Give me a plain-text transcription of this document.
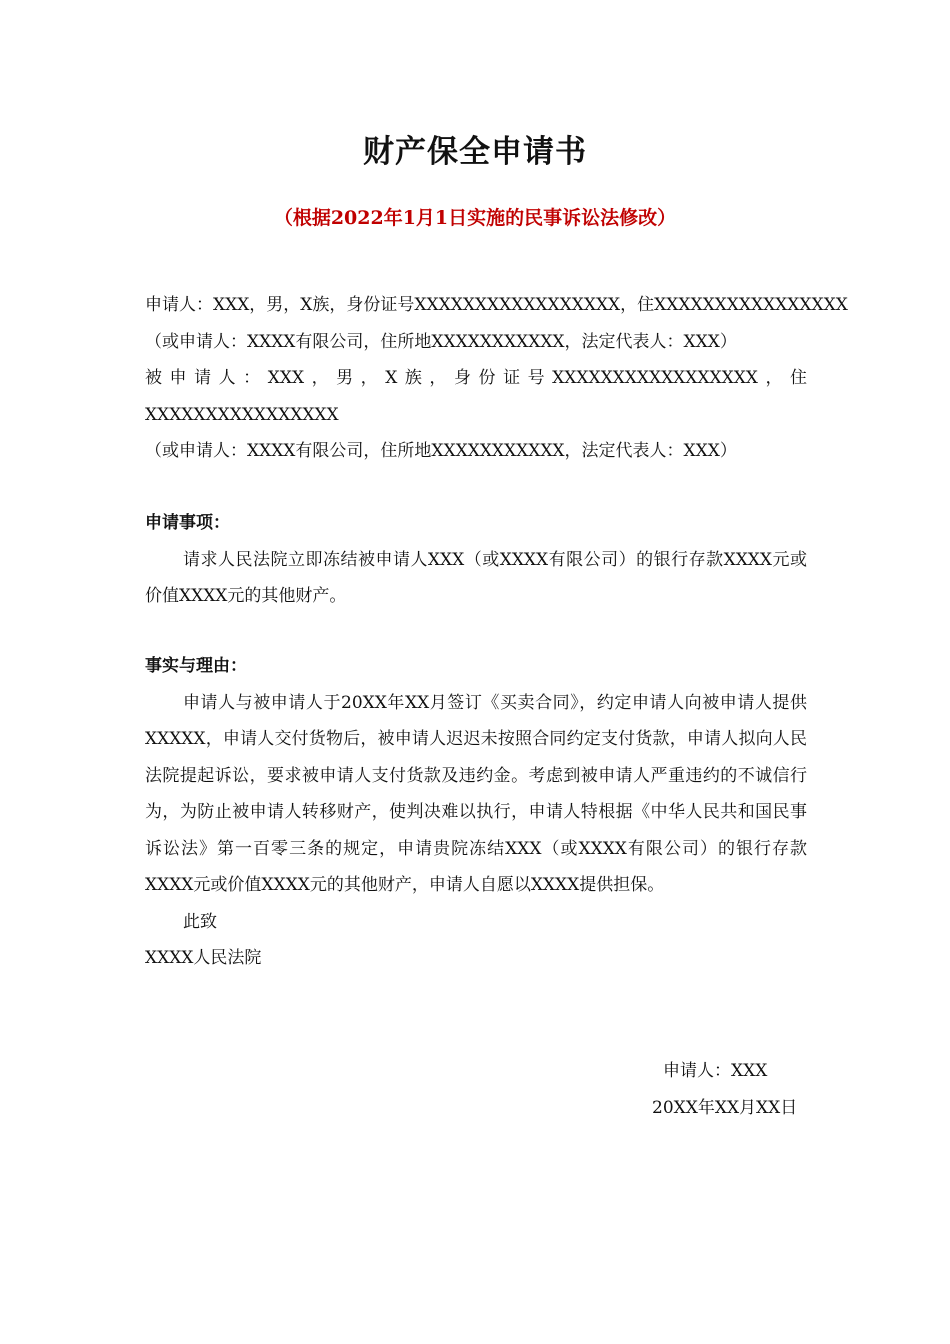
财产保全申请书
（根据2022年1月1日实施的民事诉讼法修改）
申请人：XXX，男，X族，身份证号XXXXXXXXXXXXXXXXX，住XXXXXXXXXXXXXXXX
（或申请人：XXXX有限公司，住所地XXXXXXXXXXX，法定代表人：XXX）
被申请人：XXX，男，X族，身份证号XXXXXXXXXXXXXXXXX，住
XXXXXXXXXXXXXXXX
（或申请人：XXXX有限公司，住所地XXXXXXXXXXX，法定代表人：XXX）
申请事项：
请求人民法院立即冻结被申请人XXX（或XXXX有限公司）的银行存款XXXX元或价值XXXX元的其他财产。
事实与理由：
申请人与被申请人于20XX年XX月签订《买卖合同》，约定申请人向被申请人提供XXXXX，申请人交付货物后，被申请人迟迟未按照合同约定支付货款，申请人拟向人民法院提起诉讼，要求被申请人支付货款及违约金。考虑到被申请人严重违约的不诚信行为，为防止被申请人转移财产，使判决难以执行，申请人特根据《中华人民共和国民事诉讼法》第一百零三条的规定，申请贵院冻结XXX（或XXXX有限公司）的银行存款XXXX元或价值XXXX元的其他财产，申请人自愿以XXXX提供担保。
此致
XXXX人民法院
申请人：XXX
20XX年XX月XX日
